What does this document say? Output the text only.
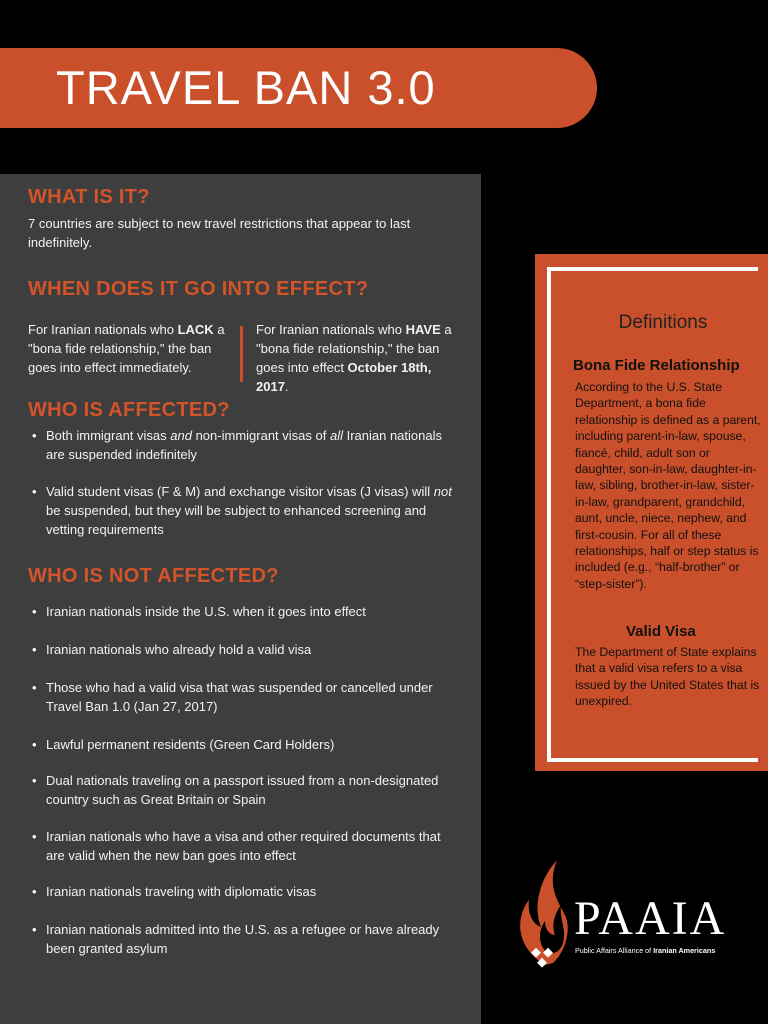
TRAVEL BAN 3.0
WHAT IS IT?
7 countries are subject to new travel restrictions that appear to last indefinitely.
WHEN DOES IT GO INTO EFFECT?
For Iranian nationals who LACK a "bona fide relationship," the ban goes into effect immediately.
For Iranian nationals who HAVE a "bona fide relationship," the ban goes into effect October 18th, 2017.
WHO IS AFFECTED?
• Both immigrant visas and non-immigrant visas of all Iranian nationals are suspended indefinitely
• Valid student visas (F & M) and exchange visitor visas (J visas) will not be suspended, but they will be subject to enhanced screening and vetting requirements
WHO IS NOT AFFECTED?
• Iranian nationals inside the U.S. when it goes into effect
• Iranian nationals who already hold a valid visa
• Those who had a valid visa that was suspended or cancelled under Travel Ban 1.0 (Jan 27, 2017)
• Lawful permanent residents (Green Card Holders)
• Dual nationals traveling on a passport issued from a non-designated country such as Great Britain or Spain
• Iranian nationals who have a visa and other required documents that are valid when the new ban goes into effect
• Iranian nationals traveling with diplomatic visas
• Iranian nationals admitted into the U.S. as a refugee or have already been granted asylum
Definitions
Bona Fide Relationship
According to the U.S. State Department, a bona fide relationship is defined as a parent, including parent-in-law, spouse, fiancé, child, adult son or daughter, son-in-law, daughter-in-law, sibling, brother-in-law, sister-in-law, grandparent, grandchild, aunt, uncle, niece, nephew, and first-cousin. For all of these relationships, half or step status is included (e.g., “half-brother” or “step-sister”).
Valid Visa
The Department of State explains that a valid visa refers to a visa issued by the United States that is unexpired.
PAAIA
Public Affairs Alliance of Iranian Americans
